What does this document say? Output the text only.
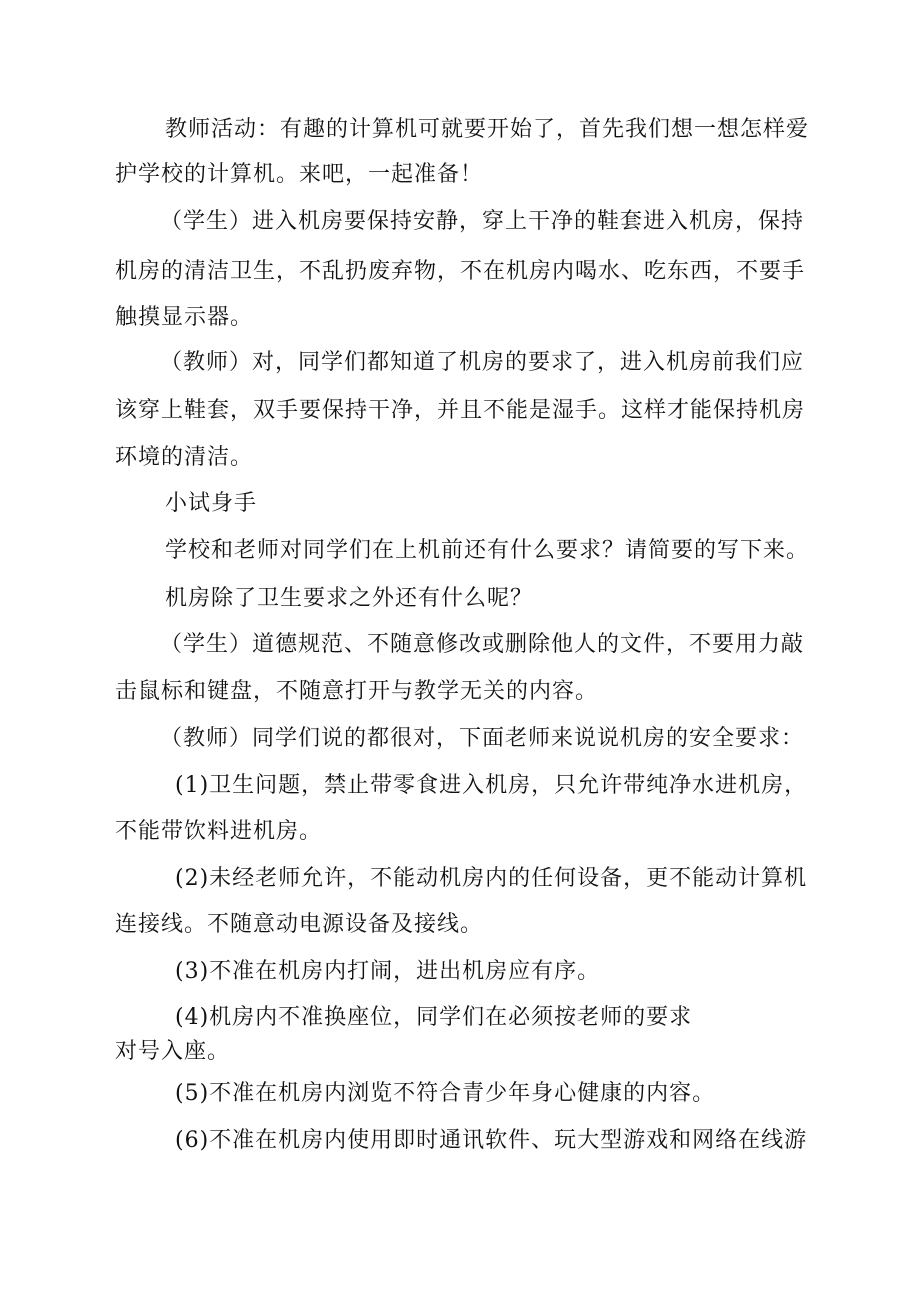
教师活动：有趣的计算机可就要开始了，首先我们想一想怎样爱
护学校的计算机。来吧，一起准备！
（学生）进入机房要保持安静，穿上干净的鞋套进入机房，保持
机房的清洁卫生，不乱扔废弃物，不在机房内喝水、吃东西，不要手
触摸显示器。
（教师）对，同学们都知道了机房的要求了，进入机房前我们应
该穿上鞋套，双手要保持干净，并且不能是湿手。这样才能保持机房
环境的清洁。
小试身手
学校和老师对同学们在上机前还有什么要求？请简要的写下来。
机房除了卫生要求之外还有什么呢？
（学生）道德规范、不随意修改或删除他人的文件，不要用力敲
击鼠标和键盘，不随意打开与教学无关的内容。
（教师）同学们说的都很对，下面老师来说说机房的安全要求：
(1)卫生问题，禁止带零食进入机房，只允许带纯净水进机房，
不能带饮料进机房。
(2)未经老师允许，不能动机房内的任何设备，更不能动计算机
连接线。不随意动电源设备及接线。
(3)不准在机房内打闹，进出机房应有序。
(4)机房内不准换座位，同学们在必须按老师的要求
对号入座。
(5)不准在机房内浏览不符合青少年身心健康的内容。
(6)不准在机房内使用即时通讯软件、玩大型游戏和网络在线游
